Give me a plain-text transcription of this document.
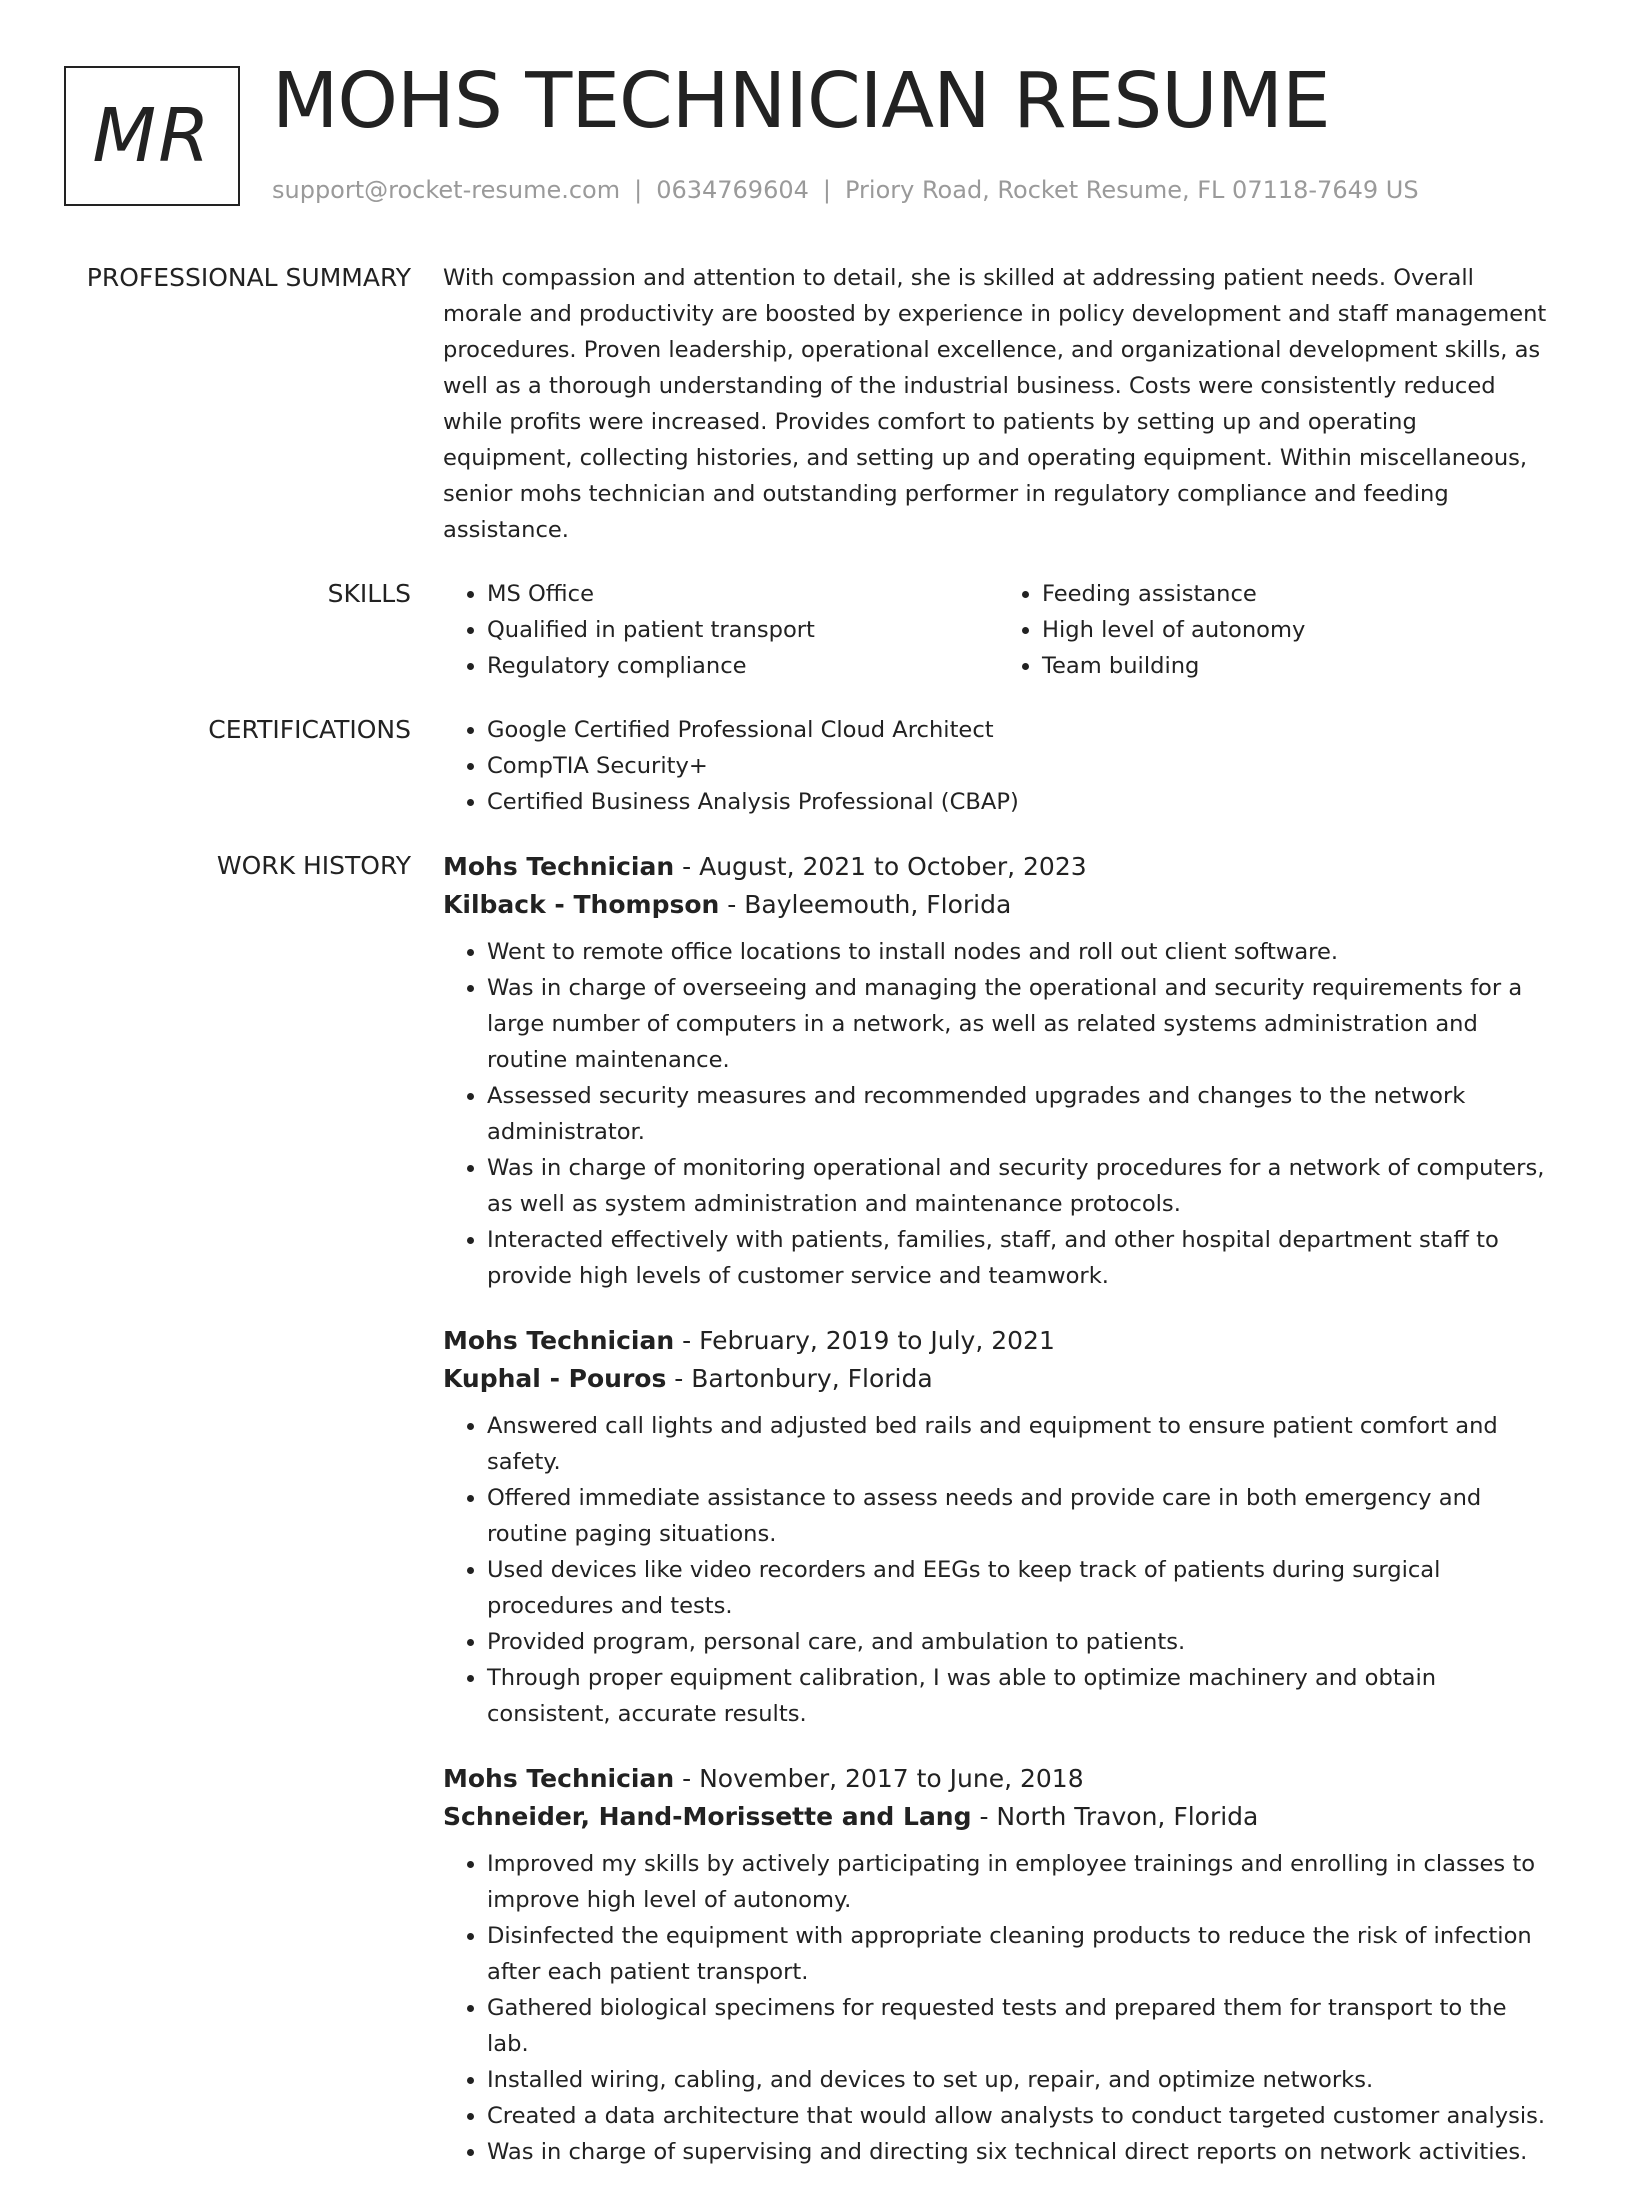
MR MOHS TECHNICIAN RESUME
support@rocket-resume.com | 0634769604 | Priory Road, Rocket Resume, FL 07118-7649 US
PROFESSIONAL SUMMARY With compassion and attention to detail, she is skilled at addressing patient needs. Overall morale and productivity are boosted by experience in policy development and staff management procedures. Proven leadership, operational excellence, and organizational development skills, as well as a thorough understanding of the industrial business. Costs were consistently reduced while profits were increased. Provides comfort to patients by setting up and operating equipment, collecting histories, and setting up and operating equipment. Within miscellaneous, senior mohs technician and outstanding performer in regulatory compliance and feeding assistance.

SKILLS	• MS Office
• Qualified in patient transport
• Regulatory compliance
• Feeding assistance
• High level of autonomy
• Team building
CERTIFICATIONS	• Google Certified Professional Cloud Architect
• CompTIA Security+
• Certified Business Analysis Professional (CBAP)
WORK HISTORY Mohs Technician - August, 2021 to October, 2023
Kilback - Thompson - Bayleemouth, Florida
• Went to remote office locations to install nodes and roll out client software.
• Was in charge of overseeing and managing the operational and security requirements for a large number of computers in a network, as well as related systems administration and routine maintenance.
• Assessed security measures and recommended upgrades and changes to the network administrator.
• Was in charge of monitoring operational and security procedures for a network of computers, as well as system administration and maintenance protocols.
• Interacted effectively with patients, families, staff, and other hospital department staff to provide high levels of customer service and teamwork.
Mohs Technician - February, 2019 to July, 2021
Kuphal - Pouros - Bartonbury, Florida
• Answered call lights and adjusted bed rails and equipment to ensure patient comfort and safety.
• Offered immediate assistance to assess needs and provide care in both emergency and routine paging situations.
• Used devices like video recorders and EEGs to keep track of patients during surgical procedures and tests.
• Provided program, personal care, and ambulation to patients.
• Through proper equipment calibration, I was able to optimize machinery and obtain consistent, accurate results.
Mohs Technician - November, 2017 to June, 2018
Schneider, Hand-Morissette and Lang - North Travon, Florida
• Improved my skills by actively participating in employee trainings and enrolling in classes to improve high level of autonomy.
• Disinfected the equipment with appropriate cleaning products to reduce the risk of infection after each patient transport.
• Gathered biological specimens for requested tests and prepared them for transport to the lab.
• Installed wiring, cabling, and devices to set up, repair, and optimize networks.
• Created a data architecture that would allow analysts to conduct targeted customer analysis.
• Was in charge of supervising and directing six technical direct reports on network activities.
